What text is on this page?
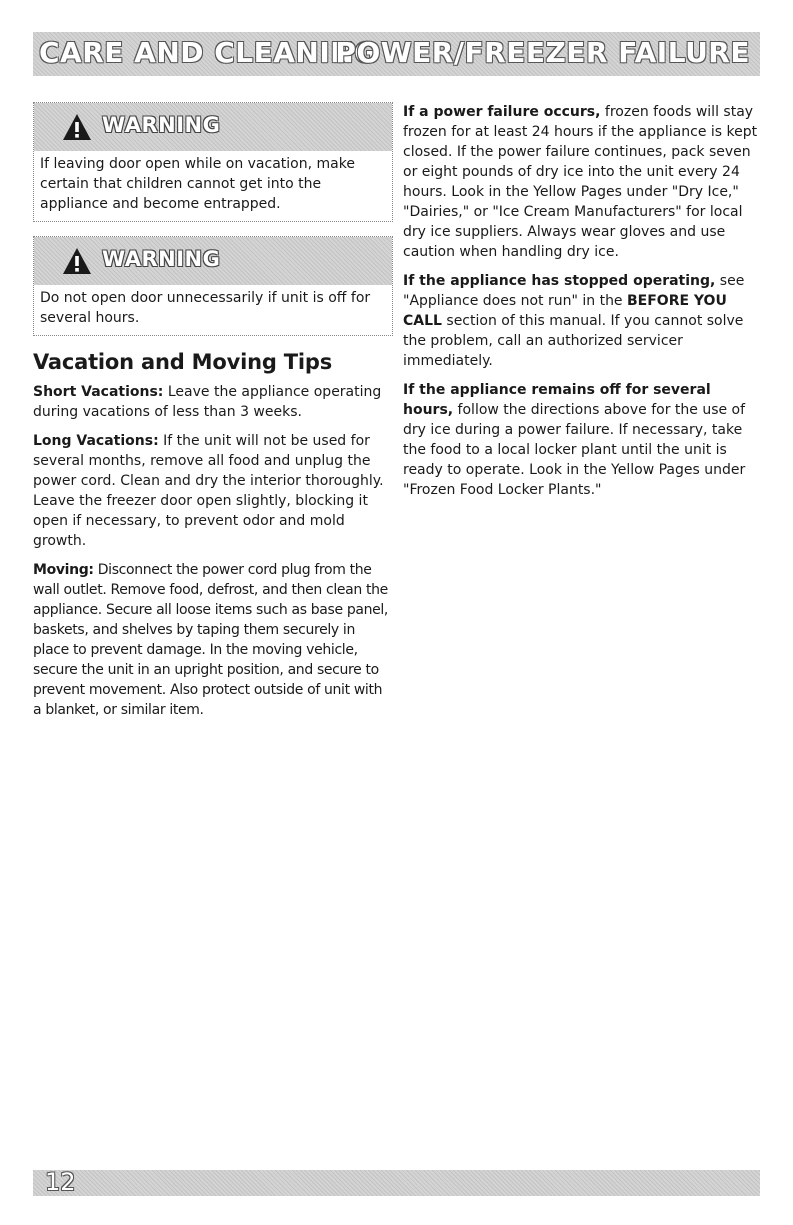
CARE AND CLEANING
POWER/FREEZER FAILURE
WARNING
If leaving door open while on vacation, make certain that children cannot get into the appliance and become entrapped.
WARNING
Do not open door unnecessarily if unit is off for several hours.
Vacation and Moving Tips

Short Vacations: Leave the appliance operating during vacations of less than 3 weeks.

Long Vacations: If the unit will not be used for several months, remove all food and unplug the power cord. Clean and dry the interior thoroughly. Leave the freezer door open slightly, blocking it open if necessary, to prevent odor and mold growth.

Moving: Disconnect the power cord plug from the wall outlet. Remove food, defrost, and then clean the appliance. Secure all loose items such as base panel, baskets, and shelves by taping them securely in place to prevent damage. In the moving vehicle, secure the unit in an upright position, and secure to prevent movement. Also protect outside of unit with a blanket, or similar item.

If a power failure occurs, frozen foods will stay frozen for at least 24 hours if the appliance is kept closed. If the power failure continues, pack seven or eight pounds of dry ice into the unit every 24 hours. Look in the Yellow Pages under "Dry Ice," "Dairies," or "Ice Cream Manufacturers" for local dry ice suppliers. Always wear gloves and use caution when handling dry ice.

If the appliance has stopped operating, see "Appliance does not run" in the BEFORE YOU CALL section of this manual. If you cannot solve the problem, call an authorized servicer immediately.

If the appliance remains off for several hours, follow the directions above for the use of dry ice during a power failure. If necessary, take the food to a local locker plant until the unit is ready to operate. Look in the Yellow Pages under "Frozen Food Locker Plants."

12
